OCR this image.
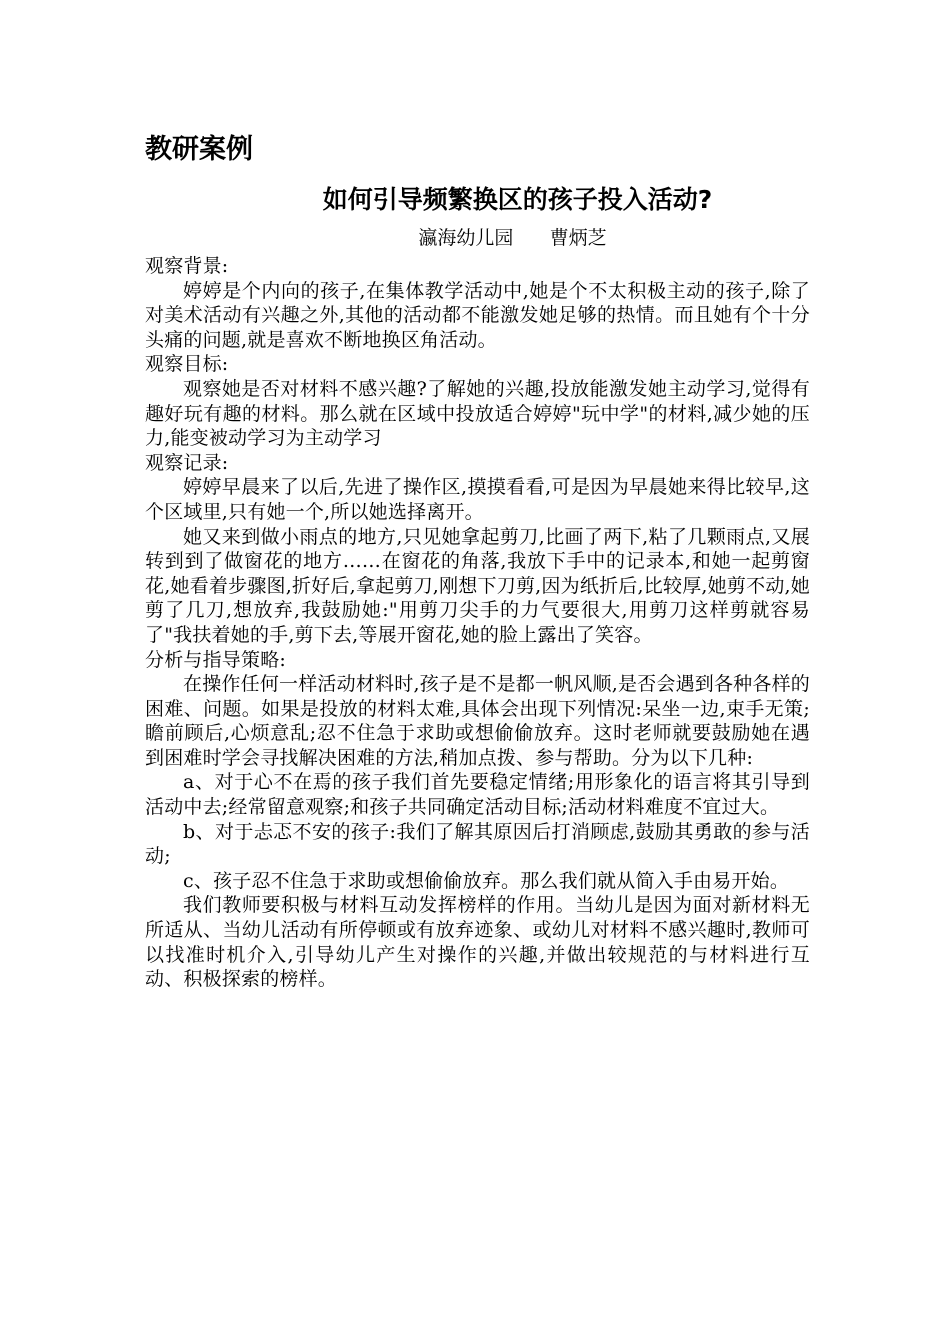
教研案例
如何引导频繁换区的孩子投入活动?

瀛海幼儿园 曹炳芝

观察背景:

婷婷是个内向的孩子,在集体教学活动中,她是个不太积极主动的孩子,除了对美术活动有兴趣之外,其他的活动都不能激发她足够的热情。而且她有个十分头痛的问题,就是喜欢不断地换区角活动。

观察目标:

观察她是否对材料不感兴趣?了解她的兴趣,投放能激发她主动学习,觉得有趣好玩有趣的材料。那么就在区域中投放适合婷婷"玩中学"的材料,减少她的压力,能变被动学习为主动学习

观察记录:

婷婷早晨来了以后,先进了操作区,摸摸看看,可是因为早晨她来得比较早,这个区域里,只有她一个,所以她选择离开。

她又来到做小雨点的地方,只见她拿起剪刀,比画了两下,粘了几颗雨点,又展转到到了做窗花的地方……在窗花的角落,我放下手中的记录本,和她一起剪窗花,她看着步骤图,折好后,拿起剪刀,刚想下刀剪,因为纸折后,比较厚,她剪不动,她剪了几刀,想放弃,我鼓励她:"用剪刀尖手的力气要很大,用剪刀这样剪就容易了"我扶着她的手,剪下去,等展开窗花,她的脸上露出了笑容。

分析与指导策略:

在操作任何一样活动材料时,孩子是不是都一帆风顺,是否会遇到各种各样的困难、问题。如果是投放的材料太难,具体会出现下列情况:呆坐一边,束手无策;瞻前顾后,心烦意乱;忍不住急于求助或想偷偷放弃。这时老师就要鼓励她在遇到困难时学会寻找解决困难的方法,稍加点拨、参与帮助。分为以下几种:

a、对于心不在焉的孩子我们首先要稳定情绪;用形象化的语言将其引导到活动中去;经常留意观察;和孩子共同确定活动目标;活动材料难度不宜过大。

b、对于忐忑不安的孩子:我们了解其原因后打消顾虑,鼓励其勇敢的参与活动;

c、孩子忍不住急于求助或想偷偷放弃。那么我们就从简入手由易开始。

我们教师要积极与材料互动发挥榜样的作用。当幼儿是因为面对新材料无所适从、当幼儿活动有所停顿或有放弃迹象、或幼儿对材料不感兴趣时,教师可以找准时机介入,引导幼儿产生对操作的兴趣,并做出较规范的与材料进行互动、积极探索的榜样。
